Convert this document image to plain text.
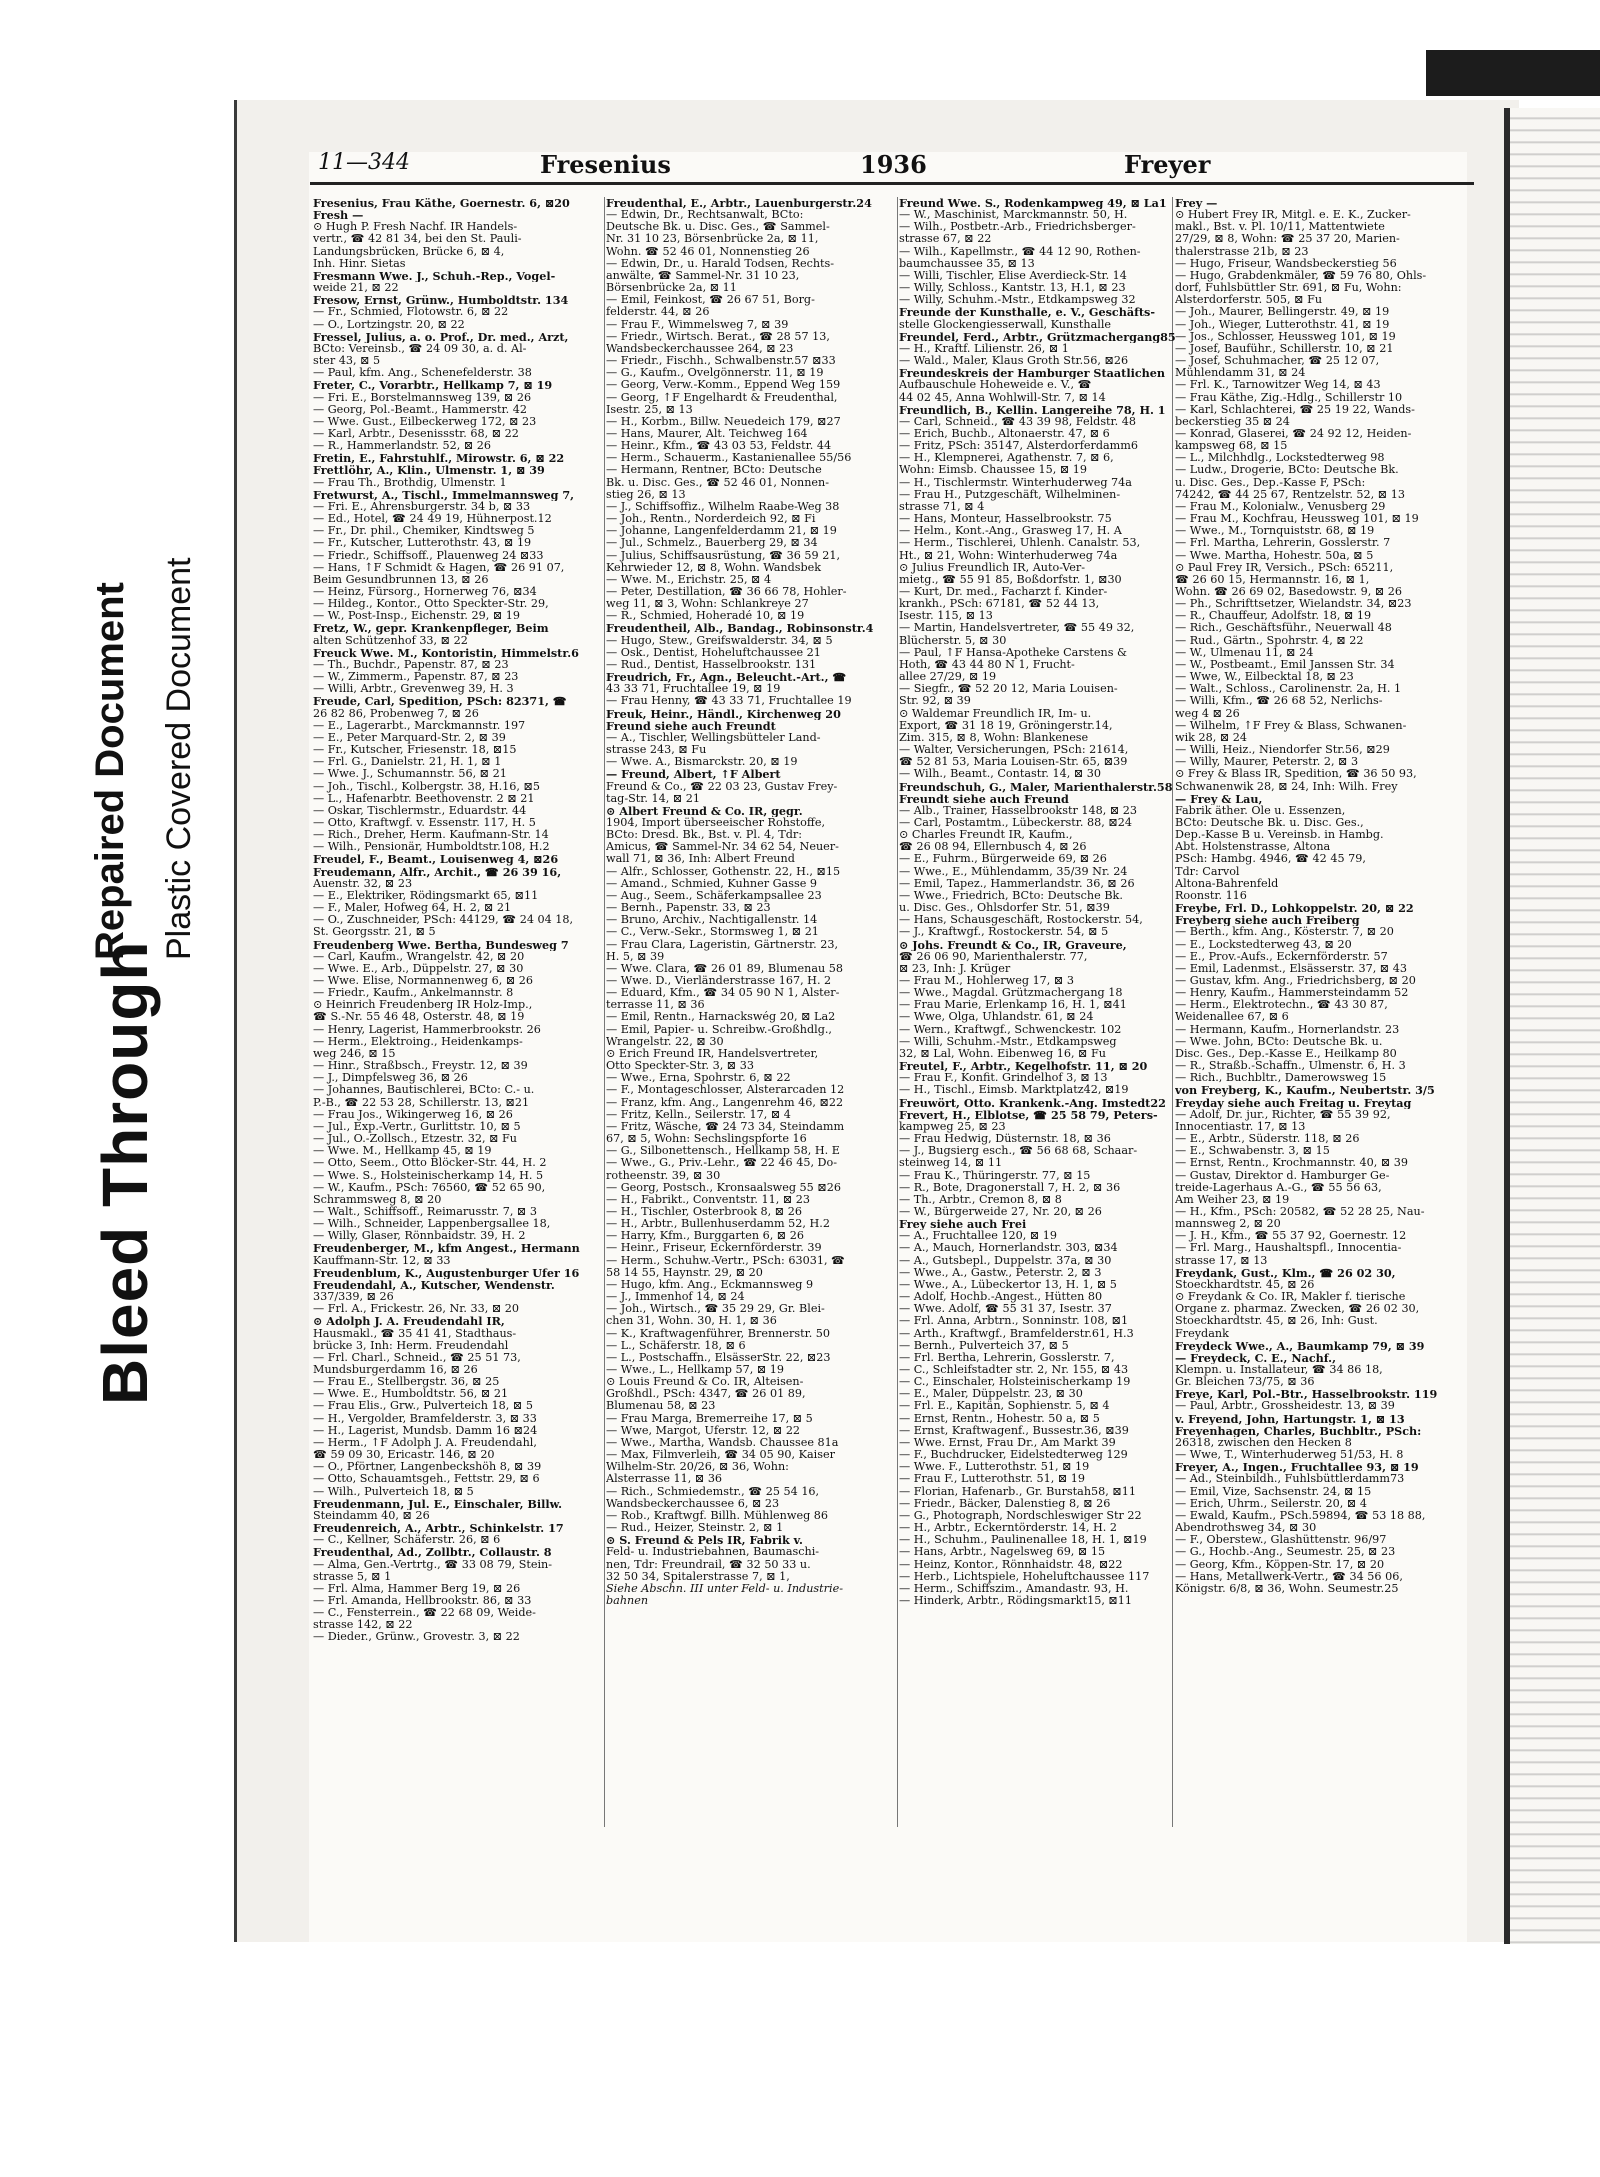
Bleed Through
Repaired Document Plastic Covered Document
11—344	Fresenius	1936	Freyer
Fresenius, Frau Käthe, Goernestr. 6, ⊠20
Fresh —
⊙ Hugh P. Fresh Nachf. IR Handels-
vertr., ☎ 42 81 34, bei den St. Pauli-
Landungsbrücken, Brücke 6, ⊠ 4,
Inh. Hinr. Sietas
Fresmann Wwe. J., Schuh.-Rep., Vogel-
weide 21, ⊠ 22
Fresow, Ernst, Grünw., Humboldtstr. 134
— Fr., Schmied, Flotowstr. 6, ⊠ 22
— O., Lortzingstr. 20, ⊠ 22
Fressel, Julius, a. o. Prof., Dr. med., Arzt,
BCto: Vereinsb., ☎ 24 09 30, a. d. Al-
ster 43, ⊠ 5
— Paul, kfm. Ang., Schenefelderstr. 38
Freter, C., Vorarbtr., Hellkamp 7, ⊠ 19
— Fri. E., Borstelmannsweg 139, ⊠ 26
— Georg, Pol.-Beamt., Hammerstr. 42
— Wwe. Gust., Eilbeckerweg 172, ⊠ 23
— Karl, Arbtr., Desenissstr. 68, ⊠ 22
— R., Hammerlandstr. 52, ⊠ 26
Fretin, E., Fahrstuhlf., Mirowstr. 6, ⊠ 22
Frettlöhr, A., Klin., Ulmenstr. 1, ⊠ 39
— Frau Th., Brothdig, Ulmenstr. 1
Fretwurst, A., Tischl., Immelmannsweg 7,
— Fri. E., Ahrensburgerstr. 34 b, ⊠ 33
— Ed., Hotel, ☎ 24 49 19, Hühnerpost.12
— Fr., Dr. phil., Chemiker, Kindtsweg 5
— Fr., Kutscher, Lutterothstr. 43, ⊠ 19
— Friedr., Schiffsoff., Plauenweg 24 ⊠33
— Hans, ↑F Schmidt & Hagen, ☎ 26 91 07,
Beim Gesundbrunnen 13, ⊠ 26
— Heinz, Fürsorg., Hornerweg 76, ⊠34
— Hildeg., Kontor., Otto Speckter-Str. 29,
— W., Post-Insp., Eichenstr. 29, ⊠ 19
Fretz, W., gepr. Krankenpfleger, Beim
alten Schützenhof 33, ⊠ 22
Freuck Wwe. M., Kontoristin, Himmelstr.6
— Th., Buchdr., Papenstr. 87, ⊠ 23
— W., Zimmerm., Papenstr. 87, ⊠ 23
— Willi, Arbtr., Grevenweg 39, H. 3
Freude, Carl, Spedition, PSch: 82371, ☎
26 82 86, Probenweg 7, ⊠ 26
— E., Lagerarbt., Marckmannstr. 197
— E., Peter Marquard-Str. 2, ⊠ 39
— Fr., Kutscher, Friesenstr. 18, ⊠15
— Frl. G., Danielstr. 21, H. 1, ⊠ 1
— Wwe. J., Schumannstr. 56, ⊠ 21
— Joh., Tischl., Kolbergstr. 38, H.16, ⊠5
— L., Hafenarbtr. Beethovenstr. 2 ⊠ 21
— Oskar, Tischlermstr., Eduardstr. 44
— Otto, Kraftwgf. v. Essenstr. 117, H. 5
— Rich., Dreher, Herm. Kaufmann-Str. 14
— Wilh., Pensionär, Humboldtstr.108, H.2
Freudel, F., Beamt., Louisenweg 4, ⊠26
Freudemann, Alfr., Archit., ☎ 26 39 16,
Auenstr. 32, ⊠ 23
— E., Elektriker, Rödingsmarkt 65, ⊠11
— F., Maler, Hofweg 64, H. 2, ⊠ 21
— O., Zuschneider, PSch: 44129, ☎ 24 04 18,
St. Georgsstr. 21, ⊠ 5
Freudenberg Wwe. Bertha, Bundesweg 7
— Carl, Kaufm., Wrangelstr. 42, ⊠ 20
— Wwe. E., Arb., Düppelstr. 27, ⊠ 30
— Wwe. Elise, Normannenweg 6, ⊠ 26
— Friedr., Kaufm., Ankelmannstr. 8
⊙ Heinrich Freudenberg IR Holz-Imp.,
☎ S.-Nr. 55 46 48, Osterstr. 48, ⊠ 19
— Henry, Lagerist, Hammerbrookstr. 26
— Herm., Elektroing., Heidenkamps-
weg 246, ⊠ 15
— Hinr., Straßbsch., Freystr. 12, ⊠ 39
— J., Dimpfelsweg 36, ⊠ 26
— Johannes, Bautischlerei, BCto: C.- u.
P.-B., ☎ 22 53 28, Schillerstr. 13, ⊠21
— Frau Jos., Wikingerweg 16, ⊠ 26
— Jul., Exp.-Vertr., Gurlittstr. 10, ⊠ 5
— Jul., O.-Zollsch., Etzestr. 32, ⊠ Fu
— Wwe. M., Hellkamp 45, ⊠ 19
— Otto, Seem., Otto Blöcker-Str. 44, H. 2
— Wwe. S., Holsteinischerkamp 14, H. 5
— W., Kaufm., PSch: 76560, ☎ 52 65 90,
Schrammsweg 8, ⊠ 20
— Walt., Schiffsoff., Reimarusstr. 7, ⊠ 3
— Wilh., Schneider, Lappenbergsallee 18,
— Willy, Glaser, Rönnbaidstr. 39, H. 2
Freudenberger, M., kfm Angest., Hermann
Kauffmann-Str. 12, ⊠ 33
Freudenblum, K., Augustenburger Ufer 16
Freudendahl, A., Kutscher, Wendenstr.
337/339, ⊠ 26
— Frl. A., Frickestr. 26, Nr. 33, ⊠ 20
⊙ Adolph J. A. Freudendahl IR,
Hausmakl., ☎ 35 41 41, Stadthaus-
brücke 3, Inh: Herm. Freudendahl
— Frl. Charl., Schneid., ☎ 25 51 73,
Mundsburgerdamm 16, ⊠ 26
— Frau E., Stellbergstr. 36, ⊠ 25
— Wwe. E., Humboldtstr. 56, ⊠ 21
— Frau Elis., Grw., Pulverteich 18, ⊠ 5
— H., Vergolder, Bramfelderstr. 3, ⊠ 33
— H., Lagerist, Mundsb. Damm 16 ⊠24
— Herm., ↑F Adolph J. A. Freudendahl,
☎ 59 09 30, Ericastr. 146, ⊠ 20
— O., Pförtner, Langenbeckshöh 8, ⊠ 39
— Otto, Schauamtsgeh., Fettstr. 29, ⊠ 6
— Wilh., Pulverteich 18, ⊠ 5
Freudenmann, Jul. E., Einschaler, Billw.
Steindamm 40, ⊠ 26
Freudenreich, A., Arbtr., Schinkelstr. 17
— C., Kellner, Schäferstr. 26, ⊠ 6
Freudenthal, Ad., Zollbtr., Collaustr. 8
— Alma, Gen.-Vertrtg., ☎ 33 08 79, Stein-
strasse 5, ⊠ 1
— Frl. Alma, Hammer Berg 19, ⊠ 26
— Frl. Amanda, Hellbrookstr. 86, ⊠ 33
— C., Fensterrein., ☎ 22 68 09, Weide-
strasse 142, ⊠ 22
— Dieder., Grünw., Grovestr. 3, ⊠ 22
Freudenthal, E., Arbtr., Lauenburgerstr.24
— Edwin, Dr., Rechtsanwalt, BCto:
Deutsche Bk. u. Disc. Ges., ☎ Sammel-
Nr. 31 10 23, Börsenbrücke 2a, ⊠ 11,
Wohn. ☎ 52 46 01, Nonnenstieg 26
— Edwin, Dr., u. Harald Todsen, Rechts-
anwälte, ☎ Sammel-Nr. 31 10 23,
Börsenbrücke 2a, ⊠ 11
— Emil, Feinkost, ☎ 26 67 51, Borg-
felderstr. 44, ⊠ 26
— Frau F., Wimmelsweg 7, ⊠ 39
— Friedr., Wirtsch. Berat., ☎ 28 57 13,
Wandsbeckerchaussee 264, ⊠ 23
— Friedr., Fischh., Schwalbenstr.57 ⊠33
— G., Kaufm., Ovelgönnerstr. 11, ⊠ 19
— Georg, Verw.-Komm., Eppend Weg 159
— Georg, ↑F Engelhardt & Freudenthal,
Isestr. 25, ⊠ 13
— H., Korbm., Billw. Neuedeich 179, ⊠27
— Hans, Maurer, Alt. Teichweg 164
— Heinr., Kfm., ☎ 43 03 53, Feldstr. 44
— Herm., Schauerm., Kastanienallee 55/56
— Hermann, Rentner, BCto: Deutsche
Bk. u. Disc. Ges., ☎ 52 46 01, Nonnen-
stieg 26, ⊠ 13
— J., Schiffsoffiz., Wilhelm Raabe-Weg 38
— Joh., Rentn., Norderdeich 92, ⊠ Fi
— Johanne, Langenfelderdamm 21, ⊠ 19
— Jul., Schmelz., Bauerberg 29, ⊠ 34
— Julius, Schiffsausrüstung, ☎ 36 59 21,
Kehrwieder 12, ⊠ 8, Wohn. Wandsbek
— Wwe. M., Erichstr. 25, ⊠ 4
— Peter, Destillation, ☎ 36 66 78, Hohler-
weg 11, ⊠ 3, Wohn: Schlankreye 27
— R., Schmied, Hoheradé 10, ⊠ 19
Freudentheil, Alb., Bandag., Robinsonstr.4
— Hugo, Stew., Greifswalderstr. 34, ⊠ 5
— Osk., Dentist, Hoheluftchaussee 21
— Rud., Dentist, Hasselbrookstr. 131
Freudrich, Fr., Agn., Beleucht.-Art., ☎
43 33 71, Fruchtallee 19, ⊠ 19
— Frau Henny, ☎ 43 33 71, Fruchtallee 19
Freuk, Heinr., Händl., Kirchenweg 20
Freund siehe auch Freundt
— A., Tischler, Wellingsbütteler Land-
strasse 243, ⊠ Fu
— Wwe. A., Bismarckstr. 20, ⊠ 19
— Freund, Albert, ↑F Albert
Freund & Co., ☎ 22 03 23, Gustav Frey-
tag-Str. 14, ⊠ 21
⊙ Albert Freund & Co. IR, gegr.
1904, Import überseeischer Rohstoffe,
BCto: Dresd. Bk., Bst. v. Pl. 4, Tdr:
Amicus, ☎ Sammel-Nr. 34 62 54, Neuer-
wall 71, ⊠ 36, Inh: Albert Freund
— Alfr., Schlosser, Gothenstr. 22, H., ⊠15
— Amand., Schmied, Kuhner Gasse 9
— Aug., Seem., Schäferkampsallee 23
— Bernh., Papenstr. 33, ⊠ 23
— Bruno, Archiv., Nachtigallenstr. 14
— C., Verw.-Sekr., Stormsweg 1, ⊠ 21
— Frau Clara, Lageristin, Gärtnerstr. 23,
H. 5, ⊠ 39
— Wwe. Clara, ☎ 26 01 89, Blumenau 58
— Wwe. D., Vierländerstrasse 167, H. 2
— Eduard, Kfm., ☎ 34 05 90 N 1, Alster-
terrasse 11, ⊠ 36
— Emil, Rentn., Harnackswég 20, ⊠ La2
— Emil, Papier- u. Schreibw.-Großhdlg.,
Wrangelstr. 22, ⊠ 30
⊙ Erich Freund IR, Handelsvertreter,
Otto Speckter-Str. 3, ⊠ 33
— Wwe., Erna, Spohrstr. 6, ⊠ 22
— F., Montageschlosser, Alsterarcaden 12
— Franz, kfm. Ang., Langenrehm 46, ⊠22
— Fritz, Kelln., Seilerstr. 17, ⊠ 4
— Fritz, Wäsche, ☎ 24 73 34, Steindamm
67, ⊠ 5, Wohn: Sechslingspforte 16
— G., Silbonettensch., Hellkamp 58, H. E
— Wwe., G., Priv.-Lehr., ☎ 22 46 45, Do-
rotheenstr. 39, ⊠ 30
— Georg, Postsch., Kronsaalsweg 55 ⊠26
— H., Fabrikt., Conventstr. 11, ⊠ 23
— H., Tischler, Osterbrook 8, ⊠ 26
— H., Arbtr., Bullenhuserdamm 52, H.2
— Harry, Kfm., Burggarten 6, ⊠ 26
— Heinr., Friseur, Eckernförderstr. 39
— Herm., Schuhw.-Vertr., PSch: 63031, ☎
58 14 55, Haynstr. 29, ⊠ 20
— Hugo, kfm. Ang., Eckmannsweg 9
— J., Immenhof 14, ⊠ 24
— Joh., Wirtsch., ☎ 35 29 29, Gr. Blei-
chen 31, Wohn. 30, H. 1, ⊠ 36
— K., Kraftwagenführer, Brennerstr. 50
— L., Schäferstr. 18, ⊠ 6
— L., Postschaffn., ElsässerStr. 22, ⊠23
— Wwe., L., Hellkamp 57, ⊠ 19
⊙ Louis Freund & Co. IR, Alteisen-
Großhdl., PSch: 4347, ☎ 26 01 89,
Blumenau 58, ⊠ 23
— Frau Marga, Bremerreihe 17, ⊠ 5
— Wwe, Margot, Uferstr. 12, ⊠ 22
— Wwe., Martha, Wandsb. Chaussee 81a
— Max, Filmverleih, ☎ 34 05 90, Kaiser
Wilhelm-Str. 20/26, ⊠ 36, Wohn:
Alsterrasse 11, ⊠ 36
— Rich., Schmiedemstr., ☎ 25 54 16,
Wandsbeckerchaussee 6, ⊠ 23
— Rob., Kraftwgf. Billh. Mühlenweg 86
— Rud., Heizer, Steinstr. 2, ⊠ 1
⊙ S. Freund & Pels IR, Fabrik v.
Feld- u. Industriebahnen, Baumaschi-
nen, Tdr: Freundrail, ☎ 32 50 33 u.
32 50 34, Spitalerstrasse 7, ⊠ 1,
Siehe Abschn. III unter Feld- u. Industrie-
bahnen
Freund Wwe. S., Rodenkampweg 49, ⊠ La1
— W., Maschinist, Marckmannstr. 50, H.
— Wilh., Postbetr.-Arb., Friedrichsberger-
strasse 67, ⊠ 22
— Wilh., Kapellmstr., ☎ 44 12 90, Rothen-
baumchaussee 35, ⊠ 13
— Willi, Tischler, Elise Averdieck-Str. 14
— Willy, Schloss., Kantstr. 13, H.1, ⊠ 23
— Willy, Schuhm.-Mstr., Etdkampsweg 32
Freunde der Kunsthalle, e. V., Geschäfts-
stelle Glockengiesserwall, Kunsthalle
Freundel, Ferd., Arbtr., Grützmachergang85
— H., Kraftf. Lilienstr. 26, ⊠ 1
— Wald., Maler, Klaus Groth Str.56, ⊠26
Freundeskreis der Hamburger Staatlichen
Aufbauschule Hoheweide e. V., ☎
44 02 45, Anna Wohlwill-Str. 7, ⊠ 14
Freundlich, B., Kellin. Langereihe 78, H. 1
— Carl, Schneid., ☎ 43 39 98, Feldstr. 48
— Erich, Buchb., Altonaerstr. 47, ⊠ 6
— Fritz, PSch: 35147, Alsterdorferdamm6
— H., Klempnerei, Agathenstr. 7, ⊠ 6,
Wohn: Eimsb. Chaussee 15, ⊠ 19
— H., Tischlermstr. Winterhuderweg 74a
— Frau H., Putzgeschäft, Wilhelminen-
strasse 71, ⊠ 4
— Hans, Monteur, Hasselbrookstr. 75
— Helm., Kont.-Ang., Grasweg 17, H. A
— Herm., Tischlerei, Uhlenh. Canalstr. 53,
Ht., ⊠ 21, Wohn: Winterhuderweg 74a
⊙ Julius Freundlich IR, Auto-Ver-
mietg., ☎ 55 91 85, Boßdorfstr. 1, ⊠30
— Kurt, Dr. med., Facharzt f. Kinder-
krankh., PSch: 67181, ☎ 52 44 13,
Isestr. 115, ⊠ 13
— Martin, Handelsvertreter, ☎ 55 49 32,
Blücherstr. 5, ⊠ 30
— Paul, ↑F Hansa-Apotheke Carstens &
Hoth, ☎ 43 44 80 N 1, Frucht-
allee 27/29, ⊠ 19
— Siegfr., ☎ 52 20 12, Maria Louisen-
Str. 92, ⊠ 39
⊙ Waldemar Freundlich IR, Im- u.
Export, ☎ 31 18 19, Gröningerstr.14,
Zim. 315, ⊠ 8, Wohn: Blankenese
— Walter, Versicherungen, PSch: 21614,
☎ 52 81 53, Maria Louisen-Str. 65, ⊠39
— Wilh., Beamt., Contastr. 14, ⊠ 30
Freundschuh, G., Maler, Marienthalerstr.58
Freundt siehe auch Freund
— Alb., Trainer, Hasselbrookstr 148, ⊠ 23
— Carl, Postamtm., Lübeckerstr. 88, ⊠24
⊙ Charles Freundt IR, Kaufm.,
☎ 26 08 94, Ellernbusch 4, ⊠ 26
— E., Fuhrm., Bürgerweide 69, ⊠ 26
— Wwe., E., Mühlendamm, 35/39 Nr. 24
— Emil, Tapez., Hammerlandstr. 36, ⊠ 26
— Wwe., Friedrich, BCto: Deutsche Bk.
u. Disc. Ges., Ohlsdorfer Str. 51, ⊠39
— Hans, Schausgeschäft, Rostockerstr. 54,
— J., Kraftwgf., Rostockerstr. 54, ⊠ 5
⊙ Johs. Freundt & Co., IR, Graveure,
☎ 26 06 90, Marienthalerstr. 77,
⊠ 23, Inh: J. Krüger
— Frau M., Hohlerweg 17, ⊠ 3
— Wwe., Magdal. Grützmachergang 18
— Frau Marie, Erlenkamp 16, H. 1, ⊠41
— Wwe, Olga, Uhlandstr. 61, ⊠ 24
— Wern., Kraftwgf., Schwenckestr. 102
— Willi, Schuhm.-Mstr., Etdkampsweg
32, ⊠ Lal, Wohn. Eibenweg 16, ⊠ Fu
Freutel, F., Arbtr., Kegelhofstr. 11, ⊠ 20
— Frau F., Konfit. Grindelhof 3, ⊠ 13
— H., Tischl., Eimsb. Marktplatz42, ⊠19
Freuwört, Otto. Krankenk.-Ang. Imstedt22
Frevert, H., Elblotse, ☎ 25 58 79, Peters-
kampweg 25, ⊠ 23
— Frau Hedwig, Düsternstr. 18, ⊠ 36
— J., Bugsierg esch., ☎ 56 68 68, Schaar-
steinweg 14, ⊠ 11
— Frau K., Thüringerstr. 77, ⊠ 15
— R., Bote, Dragonerstall 7, H. 2, ⊠ 36
— Th., Arbtr., Cremon 8, ⊠ 8
— W., Bürgerweide 27, Nr. 20, ⊠ 26
Frey siehe auch Frei
— A., Fruchtallee 120, ⊠ 19
— A., Mauch, Hornerlandstr. 303, ⊠34
— A., Gutsbepl., Duppelstr. 37a, ⊠ 30
— Wwe., A., Gastw., Peterstr. 2, ⊠ 3
— Wwe., A., Lübeckertor 13, H. 1, ⊠ 5
— Adolf, Hochb.-Angest., Hütten 80
— Wwe. Adolf, ☎ 55 31 37, Isestr. 37
— Frl. Anna, Arbtrn., Sonninstr. 108, ⊠1
— Arth., Kraftwgf., Bramfelderstr.61, H.3
— Bernh., Pulverteich 37, ⊠ 5
— Frl. Bertha, Lehrerin, Gosslerstr. 7,
— C., Schleifstadter str. 2, Nr. 155, ⊠ 43
— C., Einschaler, Holsteinischerkamp 19
— E., Maler, Düppelstr. 23, ⊠ 30
— Frl. E., Kapitän, Sophienstr. 5, ⊠ 4
— Ernst, Rentn., Hohestr. 50 a, ⊠ 5
— Ernst, Kraftwagenf., Bussestr.36, ⊠39
— Wwe. Ernst, Frau Dr., Am Markt 39
— F., Buchdrucker, Eidelstedterweg 129
— Wwe. F., Lutterothstr. 51, ⊠ 19
— Frau F., Lutterothstr. 51, ⊠ 19
— Florian, Hafenarb., Gr. Burstah58, ⊠11
— Friedr., Bäcker, Dalenstieg 8, ⊠ 26
— G., Photograph, Nordschleswiger Str 22
— H., Arbtr., Eckerntörderstr. 14, H. 2
— H., Schuhm., Paulinenallee 18, H. 1, ⊠19
— Hans, Arbtr., Nagelsweg 69, ⊠ 15
— Heinz, Kontor., Rönnhaidstr. 48, ⊠22
— Herb., Lichtspiele, Hoheluftchaussee 117
— Herm., Schiffszim., Amandastr. 93, H.
— Hinderk, Arbtr., Rödingsmarkt15, ⊠11
Frey —
⊙ Hubert Frey IR, Mitgl. e. E. K., Zucker-
makl., Bst. v. Pl. 10/11, Mattentwiete
27/29, ⊠ 8, Wohn: ☎ 25 37 20, Marien-
thalerstrasse 21b, ⊠ 23
— Hugo, Friseur, Wandsbeckerstieg 56
— Hugo, Grabdenkmäler, ☎ 59 76 80, Ohls-
dorf, Fuhlsbüttler Str. 691, ⊠ Fu, Wohn:
Alsterdorferstr. 505, ⊠ Fu
— Joh., Maurer, Bellingerstr. 49, ⊠ 19
— Joh., Wieger, Lutterothstr. 41, ⊠ 19
— Jos., Schlosser, Heussweg 101, ⊠ 19
— Josef, Bauführ., Schillerstr. 10, ⊠ 21
— Josef, Schuhmacher, ☎ 25 12 07,
Mühlendamm 31, ⊠ 24
— Frl. K., Tarnowitzer Weg 14, ⊠ 43
— Frau Käthe, Zig.-Hdlg., Schillerstr 10
— Karl, Schlachterei, ☎ 25 19 22, Wands-
beckerstieg 35 ⊠ 24
— Konrad, Glaserei, ☎ 24 92 12, Heiden-
kampsweg 68, ⊠ 15
— L., Milchhdlg., Lockstedterweg 98
— Ludw., Drogerie, BCto: Deutsche Bk.
u. Disc. Ges., Dep.-Kasse F, PSch:
74242, ☎ 44 25 67, Rentzelstr. 52, ⊠ 13
— Frau M., Kolonialw., Venusberg 29
— Frau M., Kochfrau, Heussweg 101, ⊠ 19
— Wwe., M., Tornquiststr. 68, ⊠ 19
— Frl. Martha, Lehrerin, Gosslerstr. 7
— Wwe. Martha, Hohestr. 50a, ⊠ 5
⊙ Paul Frey IR, Versich., PSch: 65211,
☎ 26 60 15, Hermannstr. 16, ⊠ 1,
Wohn. ☎ 26 69 02, Basedowstr. 9, ⊠ 26
— Ph., Schrifttsetzer, Wielandstr. 34, ⊠23
— R., Chauffeur, Adolfstr. 18, ⊠ 19
— Rich., Geschäftsführ., Neuerwall 48
— Rud., Gärtn., Spohrstr. 4, ⊠ 22
— W., Ulmenau 11, ⊠ 24
— W., Postbeamt., Emil Janssen Str. 34
— Wwe, W., Eilbecktal 18, ⊠ 23
— Walt., Schloss., Carolinenstr. 2a, H. 1
— Willi, Kfm., ☎ 26 68 52, Nerlichs-
weg 4 ⊠ 26
— Wilhelm, ↑F Frey & Blass, Schwanen-
wik 28, ⊠ 24
— Willi, Heiz., Niendorfer Str.56, ⊠29
— Willy, Maurer, Peterstr. 2, ⊠ 3
⊙ Frey & Blass IR, Spedition, ☎ 36 50 93,
Schwanenwik 28, ⊠ 24, Inh: Wilh. Frey
— Frey & Lau,
Fabrik äther. Öle u. Essenzen,
BCto: Deutsche Bk. u. Disc. Ges.,
Dep.-Kasse B u. Vereinsb. in Hambg.
Abt. Holstenstrasse, Altona
PSch: Hambg. 4946, ☎ 42 45 79,
Tdr: Carvol
Altona-Bahrenfeld
Roonstr. 116
Freybe, Frl. D., Lohkoppelstr. 20, ⊠ 22
Freyberg siehe auch Freiberg
— Berth., kfm. Ang., Kösterstr. 7, ⊠ 20
— E., Lockstedterweg 43, ⊠ 20
— E., Prov.-Aufs., Eckernförderstr. 57
— Emil, Ladenmst., Elsässerstr. 37, ⊠ 43
— Gustav, kfm. Ang., Friedrichsberg, ⊠ 20
— Henry, Kaufm., Hammersteindamm 52
— Herm., Elektrotechn., ☎ 43 30 87,
Weidenallee 67, ⊠ 6
— Hermann, Kaufm., Hornerlandstr. 23
— Wwe. John, BCto: Deutsche Bk. u.
Disc. Ges., Dep.-Kasse E., Heilkamp 80
— R., Straßb.-Schaffn., Ulmenstr. 6, H. 3
— Rich., Buchbltr., Damerowsweg 15
von Freyberg, K., Kaufm., Neubertstr. 3/5
Freyday siehe auch Freitag u. Freytag
— Adolf, Dr. jur., Richter, ☎ 55 39 92,
Innocentiastr. 17, ⊠ 13
— E., Arbtr., Süderstr. 118, ⊠ 26
— E., Schwabenstr. 3, ⊠ 15
— Ernst, Rentn., Krochmannstr. 40, ⊠ 39
— Gustav, Direktor d. Hamburger Ge-
treide-Lagerhaus A.-G., ☎ 55 56 63,
Am Weiher 23, ⊠ 19
— H., Kfm., PSch: 20582, ☎ 52 28 25, Nau-
mannsweg 2, ⊠ 20
— J. H., Kfm., ☎ 55 37 92, Goernestr. 12
— Frl. Marg., Haushaltspfl., Innocentia-
strasse 17, ⊠ 13
Freydank, Gust., Klm., ☎ 26 02 30,
Stoeckhardtstr. 45, ⊠ 26
⊙ Freydank & Co. IR, Makler f. tierische
Organe z. pharmaz. Zwecken, ☎ 26 02 30,
Stoeckhardtstr. 45, ⊠ 26, Inh: Gust.
Freydank
Freydeck Wwe., A., Baumkamp 79, ⊠ 39
— Freydeck, C. E., Nachf.,
Klempn. u. Installateur, ☎ 34 86 18,
Gr. Bleichen 73/75, ⊠ 36
Freye, Karl, Pol.-Btr., Hasselbrookstr. 119
— Paul, Arbtr., Grossheidestr. 13, ⊠ 39
v. Freyend, John, Hartungstr. 1, ⊠ 13
Freyenhagen, Charles, Buchbltr., PSch:
26318, zwischen den Hecken 8
— Wwe, T., Winterhuderweg 51/53, H. 8
Freyer, A., Ingen., Fruchtallee 93, ⊠ 19
— Ad., Steinbildh., Fuhlsbüttlerdamm73
— Emil, Vize, Sachsenstr. 24, ⊠ 15
— Erich, Uhrm., Seilerstr. 20, ⊠ 4
— Ewald, Kaufm., PSch.59894, ☎ 53 18 88,
Abendrothsweg 34, ⊠ 30
— F., Oberstew., Glashüttenstr. 96/97
— G., Hochb.-Ang., Seumestr. 25, ⊠ 23
— Georg, Kfm., Köppen-Str. 17, ⊠ 20
— Hans, Metallwerk-Vertr., ☎ 34 56 06,
Königstr. 6/8, ⊠ 36, Wohn. Seumestr.25
